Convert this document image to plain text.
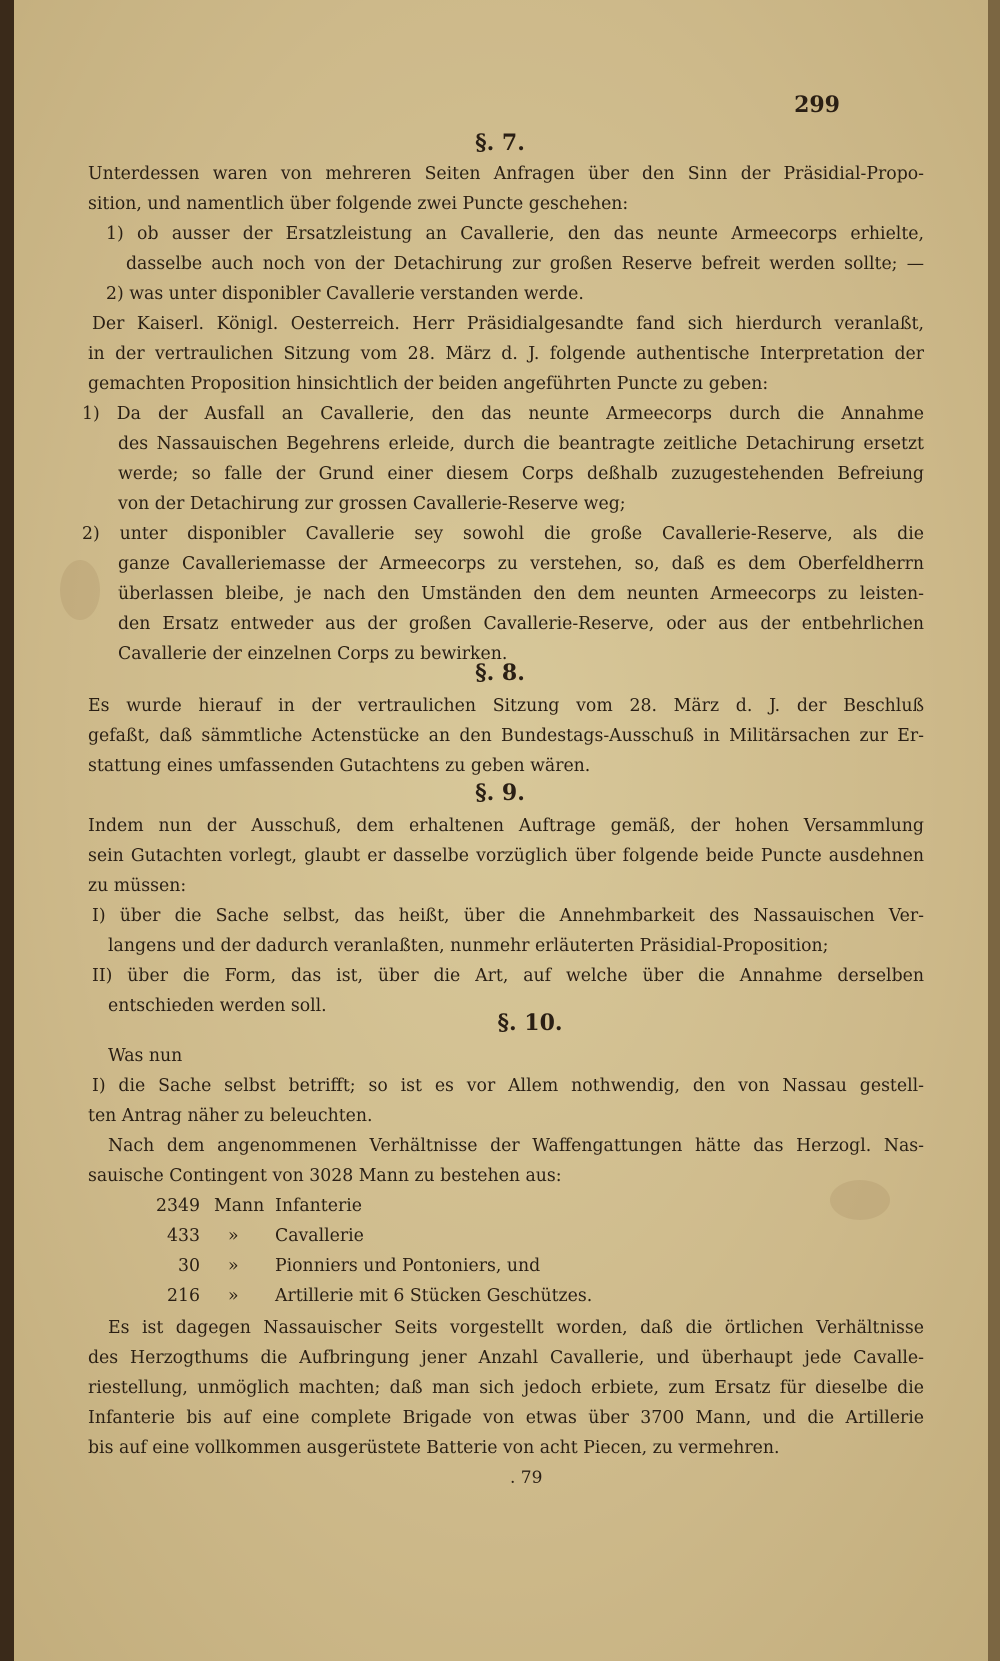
299
§. 7.
Unterdessen waren von mehreren Seiten Anfragen über den Sinn der Präsidial-Propo-
sition, und namentlich über folgende zwei Puncte geschehen:
1) ob ausser der Ersatzleistung an Cavallerie, den das neunte Armeecorps erhielte,
dasselbe auch noch von der Detachirung zur großen Reserve befreit werden sollte; —
2) was unter disponibler Cavallerie verstanden werde.
Der Kaiserl. Königl. Oesterreich. Herr Präsidialgesandte fand sich hierdurch veranlaßt,
in der vertraulichen Sitzung vom 28. März d. J. folgende authentische Interpretation der
gemachten Proposition hinsichtlich der beiden angeführten Puncte zu geben:
1) Da der Ausfall an Cavallerie, den das neunte Armeecorps durch die Annahme
des Nassauischen Begehrens erleide, durch die beantragte zeitliche Detachirung ersetzt
werde; so falle der Grund einer diesem Corps deßhalb zuzugestehenden Befreiung
von der Detachirung zur grossen Cavallerie-Reserve weg;
2) unter disponibler Cavallerie sey sowohl die große Cavallerie-Reserve, als die
ganze Cavalleriemasse der Armeecorps zu verstehen, so, daß es dem Oberfeldherrn
überlassen bleibe, je nach den Umständen den dem neunten Armeecorps zu leisten-
den Ersatz entweder aus der großen Cavallerie-Reserve, oder aus der entbehrlichen
Cavallerie der einzelnen Corps zu bewirken.
§. 8.
Es wurde hierauf in der vertraulichen Sitzung vom 28. März d. J. der Beschluß
gefaßt, daß sämmtliche Actenstücke an den Bundestags-Ausschuß in Militärsachen zur Er-
stattung eines umfassenden Gutachtens zu geben wären.
§. 9.
Indem nun der Ausschuß, dem erhaltenen Auftrage gemäß, der hohen Versammlung
sein Gutachten vorlegt, glaubt er dasselbe vorzüglich über folgende beide Puncte ausdehnen
zu müssen:
I) über die Sache selbst, das heißt, über die Annehmbarkeit des Nassauischen Ver-
langens und der dadurch veranlaßten, nunmehr erläuterten Präsidial-Proposition;
II) über die Form, das ist, über die Art, auf welche über die Annahme derselben
entschieden werden soll.
§. 10.
Was nun
I) die Sache selbst betrifft; so ist es vor Allem nothwendig, den von Nassau gestell-
ten Antrag näher zu beleuchten.
Nach dem angenommenen Verhältnisse der Waffengattungen hätte das Herzogl. Nas-
sauische Contingent von 3028 Mann zu bestehen aus:
2349 Mann Infanterie
433 » Cavallerie
30 » Pionniers und Pontoniers, und
216 » Artillerie mit 6 Stücken Geschützes.
Es ist dagegen Nassauischer Seits vorgestellt worden, daß die örtlichen Verhältnisse
des Herzogthums die Aufbringung jener Anzahl Cavallerie, und überhaupt jede Cavalle-
riestellung, unmöglich machten; daß man sich jedoch erbiete, zum Ersatz für dieselbe die
Infanterie bis auf eine complete Brigade von etwas über 3700 Mann, und die Artillerie
bis auf eine vollkommen ausgerüstete Batterie von acht Piecen, zu vermehren.
. 79
